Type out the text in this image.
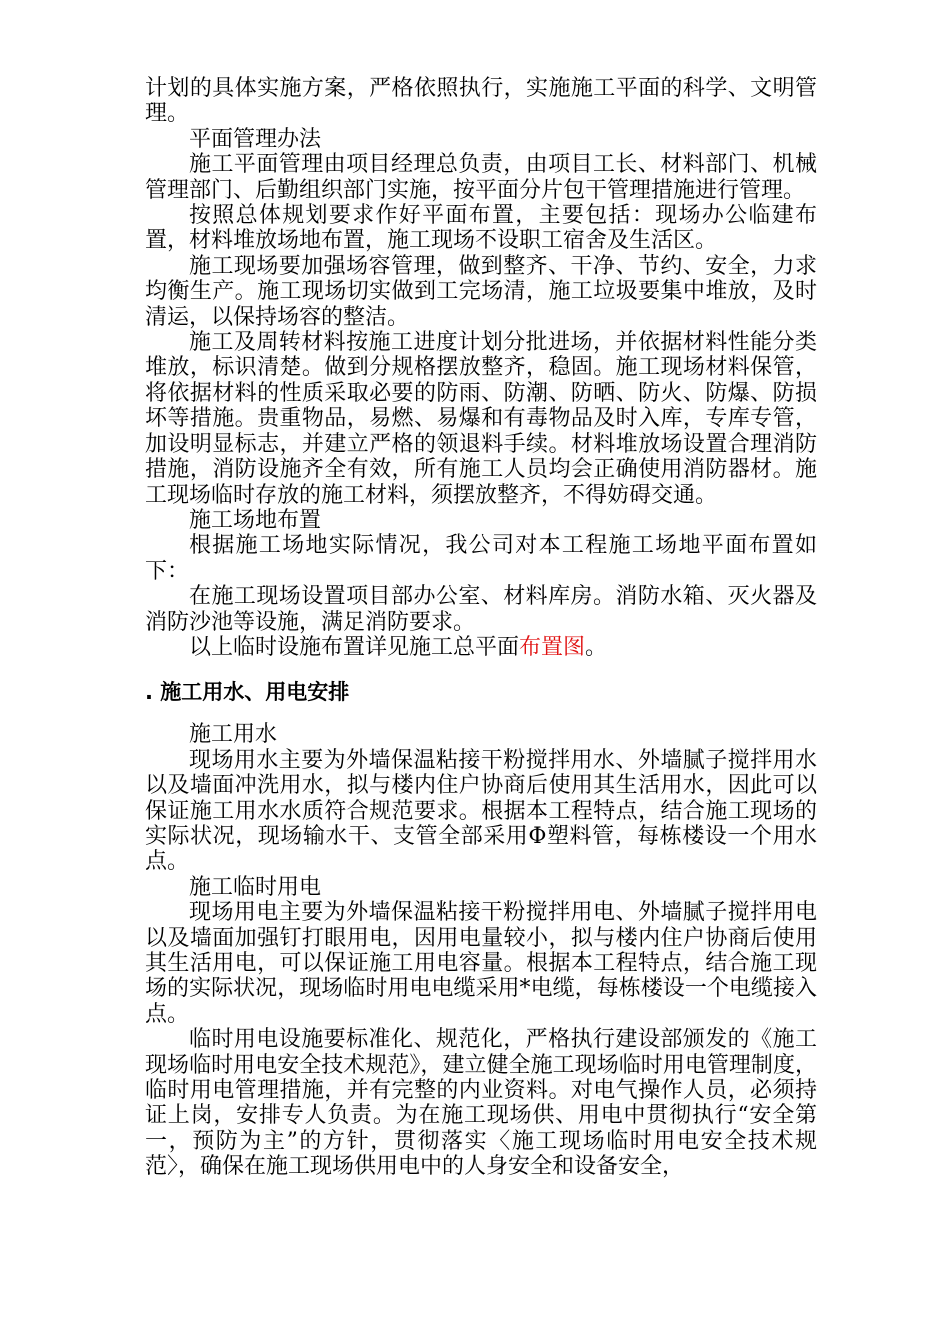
计划的具体实施方案，严格依照执行，实施施工平面的科学、文明管理。

平面管理办法

施工平面管理由项目经理总负责，由项目工长、材料部门、机械管理部门、后勤组织部门实施，按平面分片包干管理措施进行管理。

按照总体规划要求作好平面布置，主要包括：现场办公临建布置，材料堆放场地布置，施工现场不设职工宿舍及生活区。

施工现场要加强场容管理，做到整齐、干净、节约、安全，力求均衡生产。施工现场切实做到工完场清，施工垃圾要集中堆放，及时清运，以保持场容的整洁。

施工及周转材料按施工进度计划分批进场，并依据材料性能分类堆放，标识清楚。做到分规格摆放整齐，稳固。施工现场材料保管，将依据材料的性质采取必要的防雨、防潮、防晒、防火、防爆、防损坏等措施。贵重物品，易燃、易爆和有毒物品及时入库，专库专管，加设明显标志，并建立严格的领退料手续。材料堆放场设置合理消防措施，消防设施齐全有效，所有施工人员均会正确使用消防器材。施工现场临时存放的施工材料，须摆放整齐，不得妨碍交通。

施工场地布置

根据施工场地实际情况，我公司对本工程施工场地平面布置如下：

在施工现场设置项目部办公室、材料库房。消防水箱、灭火器及消防沙池等设施，满足消防要求。

以上临时设施布置详见施工总平面布置图。

. 施工用水、用电安排

施工用水

现场用水主要为外墙保温粘接干粉搅拌用水、外墙腻子搅拌用水以及墙面冲洗用水，拟与楼内住户协商后使用其生活用水，因此可以保证施工用水水质符合规范要求。根据本工程特点，结合施工现场的实际状况，现场输水干、支管全部采用Φ塑料管，每栋楼设一个用水点。

施工临时用电

现场用电主要为外墙保温粘接干粉搅拌用电、外墙腻子搅拌用电以及墙面加强钉打眼用电，因用电量较小，拟与楼内住户协商后使用其生活用电，可以保证施工用电容量。根据本工程特点，结合施工现场的实际状况，现场临时用电电缆采用*电缆，每栋楼设一个电缆接入点。

临时用电设施要标准化、规范化，严格执行建设部颁发的《施工现场临时用电安全技术规范》，建立健全施工现场临时用电管理制度，临时用电管理措施，并有完整的内业资料。对电气操作人员，必须持证上岗，安排专人负责。为在施工现场供、用电中贯彻执行“安全第一，预防为主”的方针，贯彻落实〈施工现场临时用电安全技术规范〉，确保在施工现场供用电中的人身安全和设备安全，
